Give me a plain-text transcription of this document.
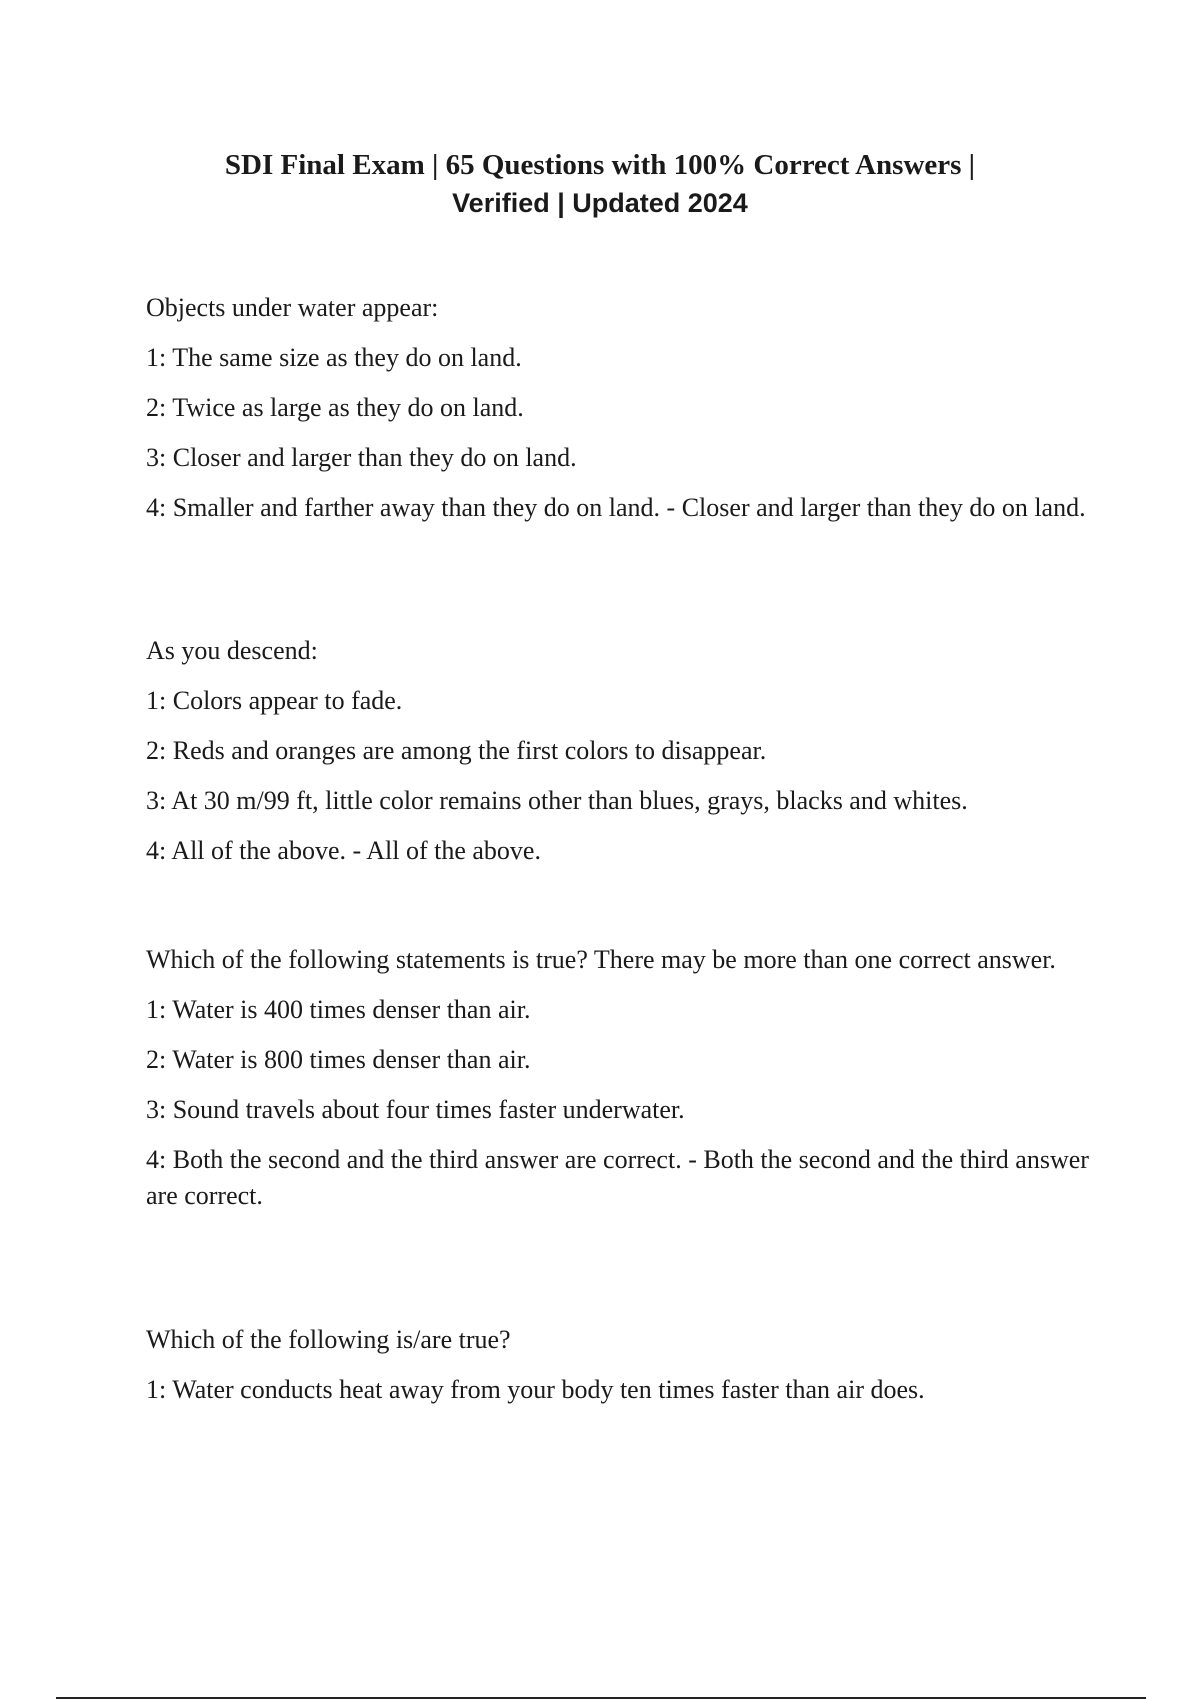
SDI Final Exam | 65 Questions with 100% Correct Answers |
Verified | Updated 2024

Objects under water appear:

1: The same size as they do on land.

2: Twice as large as they do on land.

3: Closer and larger than they do on land.

4: Smaller and farther away than they do on land. - Closer and larger than they do on land.

As you descend:

1: Colors appear to fade.

2: Reds and oranges are among the first colors to disappear.

3: At 30 m/99 ft, little color remains other than blues, grays, blacks and whites.

4: All of the above. - All of the above.

Which of the following statements is true? There may be more than one correct answer.

1: Water is 400 times denser than air.

2: Water is 800 times denser than air.

3: Sound travels about four times faster underwater.

4: Both the second and the third answer are correct. - Both the second and the third answer are correct.

Which of the following is/are true?

1: Water conducts heat away from your body ten times faster than air does.
